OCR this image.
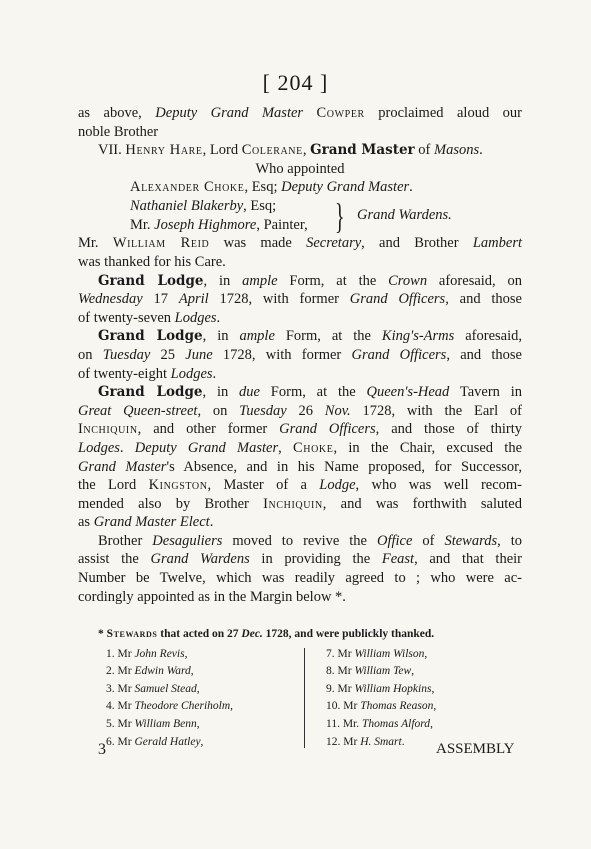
[ 204 ]
as above, Deputy Grand Master Cowper proclaimed aloud our
noble Brother
VII. Henry Hare, Lord Colerane, Grand Master of Masons.
Who appointed
Alexander Choke, Esq; Deputy Grand Master.
Nathaniel Blakerby, Esq;
Mr. Joseph Highmore, Painter, } Grand Wardens.
Mr. William Reid was made Secretary, and Brother Lambert
was thanked for his Care.
Grand Lodge, in ample Form, at the Crown aforesaid, on
Wednesday 17 April 1728, with former Grand Officers, and those
of twenty-seven Lodges.
Grand Lodge, in ample Form, at the King's-Arms aforesaid,
on Tuesday 25 June 1728, with former Grand Officers, and those
of twenty-eight Lodges.
Grand Lodge, in due Form, at the Queen's-Head Tavern in
Great Queen-street, on Tuesday 26 Nov. 1728, with the Earl of
Inchiquin, and other former Grand Officers, and those of thirty
Lodges. Deputy Grand Master, Choke, in the Chair, excused the
Grand Master's Absence, and in his Name proposed, for Successor,
the Lord Kingston, Master of a Lodge, who was well recom-
mended also by Brother Inchiquin, and was forthwith saluted
as Grand Master Elect.
Brother Desaguliers moved to revive the Office of Stewards, to
assist the Grand Wardens in providing the Feast, and that their
Number be Twelve, which was readily agreed to ; who were ac-
cordingly appointed as in the Margin below *.
* Stewards that acted on 27 Dec. 1728, and were publickly thanked.
1. Mr John Revis,
2. Mr Edwin Ward,
3. Mr Samuel Stead,
4. Mr Theodore Cheriholm,
5. Mr William Benn,
6. Mr Gerald Hatley,
7. Mr William Wilson,
8. Mr William Tew,
9. Mr William Hopkins,
10. Mr Thomas Reason,
11. Mr. Thomas Alford,
12. Mr H. Smart.
3	ASSEMBLY
